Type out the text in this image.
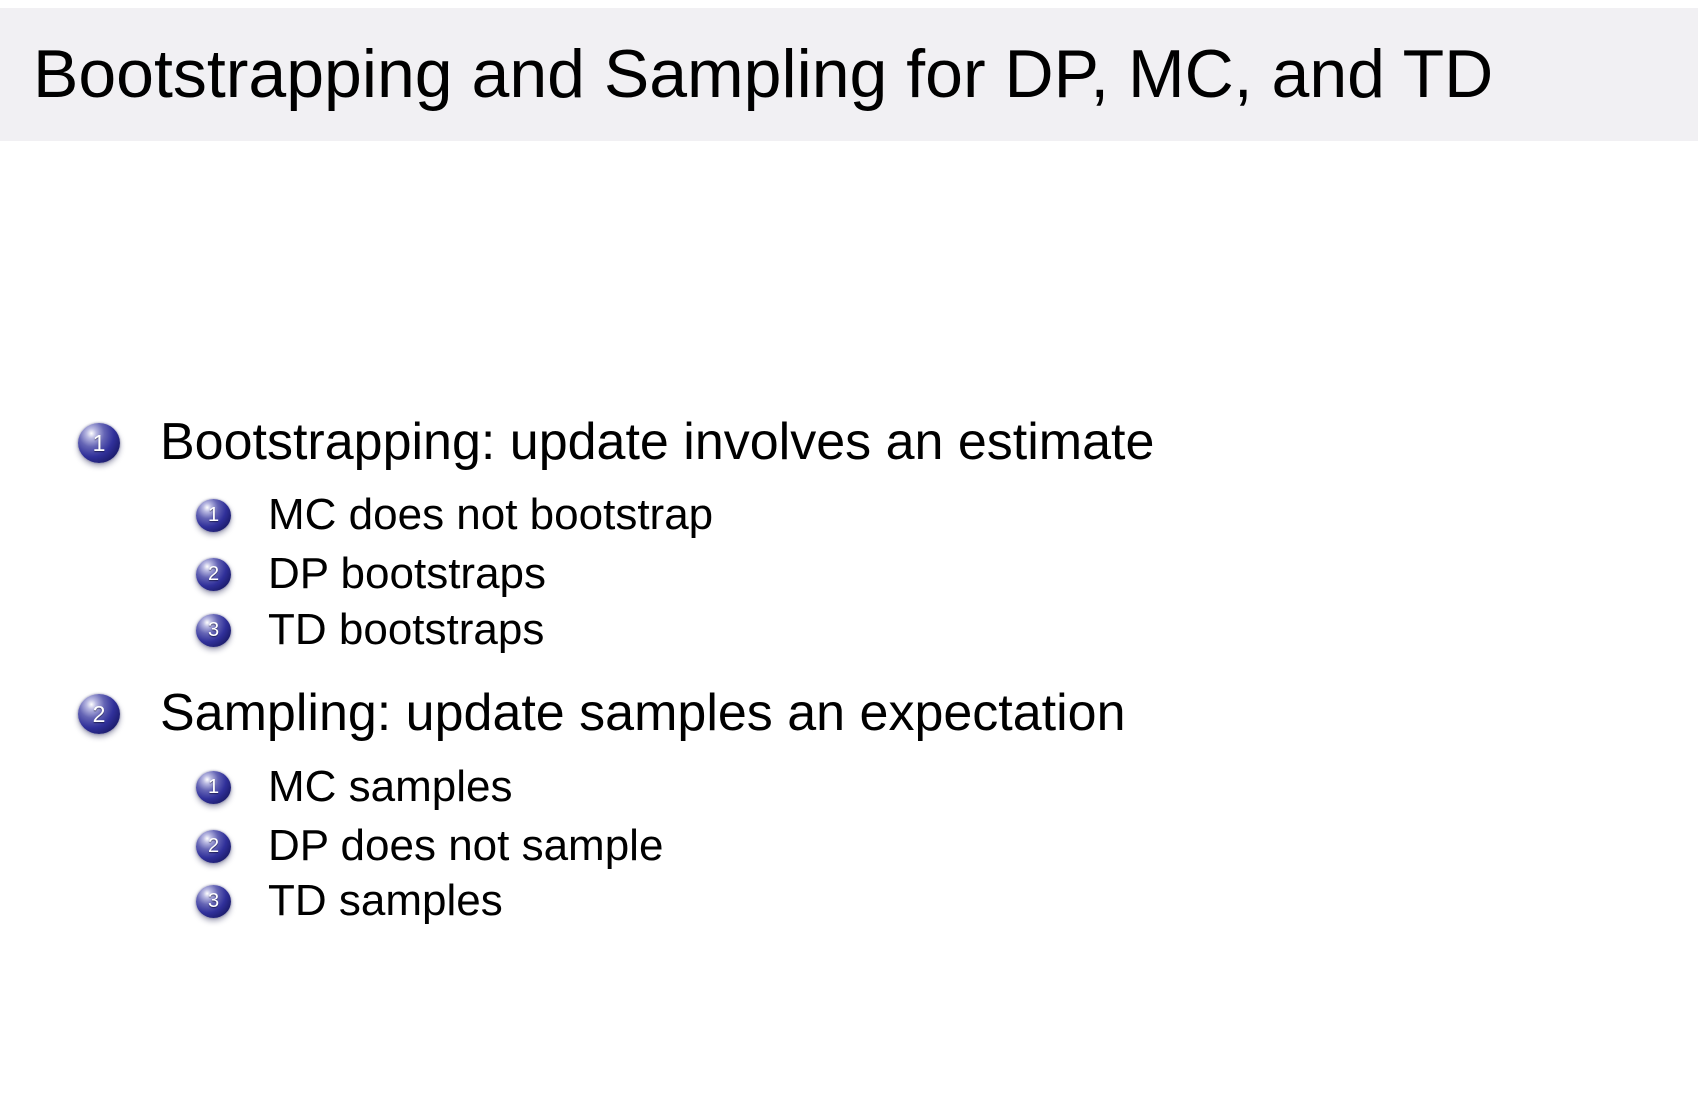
Bootstrapping and Sampling for DP, MC, and TD
1 Bootstrapping: update involves an estimate
1 MC does not bootstrap
2 DP bootstraps
3 TD bootstraps
2 Sampling: update samples an expectation
1 MC samples
2 DP does not sample
3 TD samples
